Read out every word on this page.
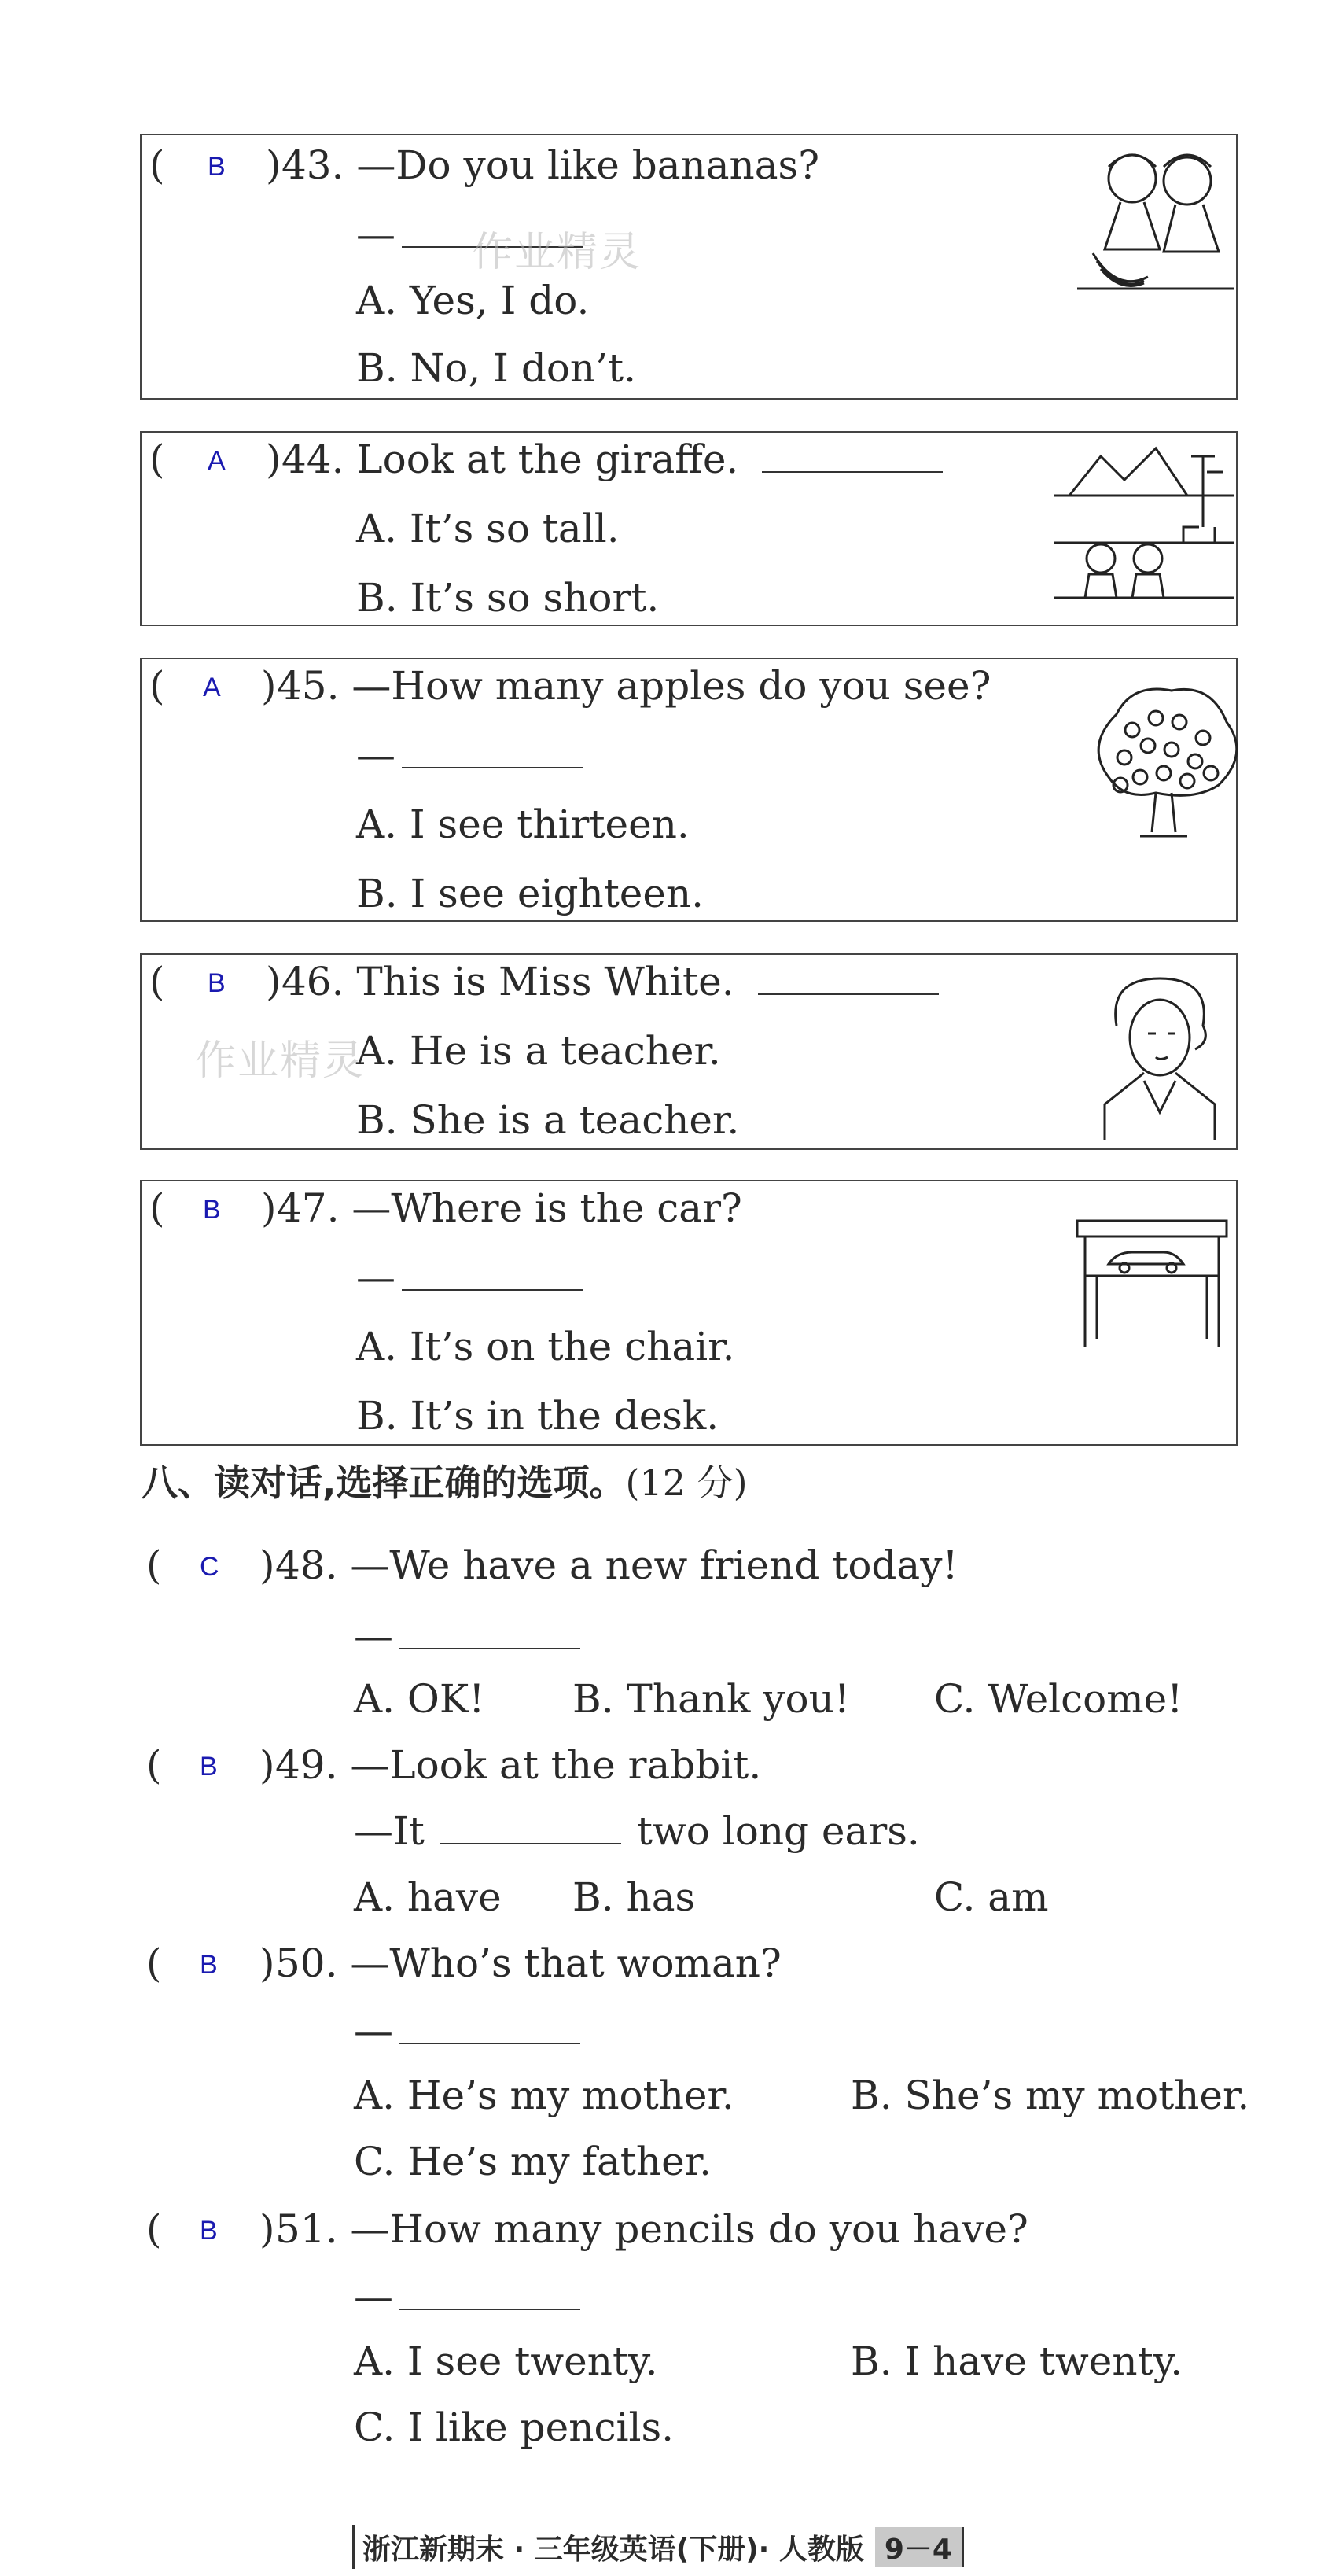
( B ) 43. —Do you like bananas?
—
A. Yes, I do.
B. No, I don’t.
( A ) 44. Look at the giraffe.
A. It’s so tall.
B. It’s so short.
( A ) 45. —How many apples do you see?
—
A. I see thirteen.
B. I see eighteen.
( B ) 46. This is Miss White.
A. He is a teacher.
B. She is a teacher.
( B ) 47. —Where is the car?
—
A. It’s on the chair.
B. It’s in the desk.
八、读对话,选择正确的选项。(12 分)
( C ) 48. —We have a new friend today!
—
A. OK! B. Thank you! C. Welcome!
( B ) 49. —Look at the rabbit.
—It	two long ears.
A. have B. has	C. am
( B ) 50. —Who’s that woman?
—
A. He’s my mother.	B. She’s my mother.
C. He’s my father.
( B ) 51. —How many pencils do you have?
—
A. I see twenty.	B. I have twenty.
C. I like pencils.
作业精灵
作业精灵
浙江新期末 · 三年级英语(下册)· 人教版 9－4
